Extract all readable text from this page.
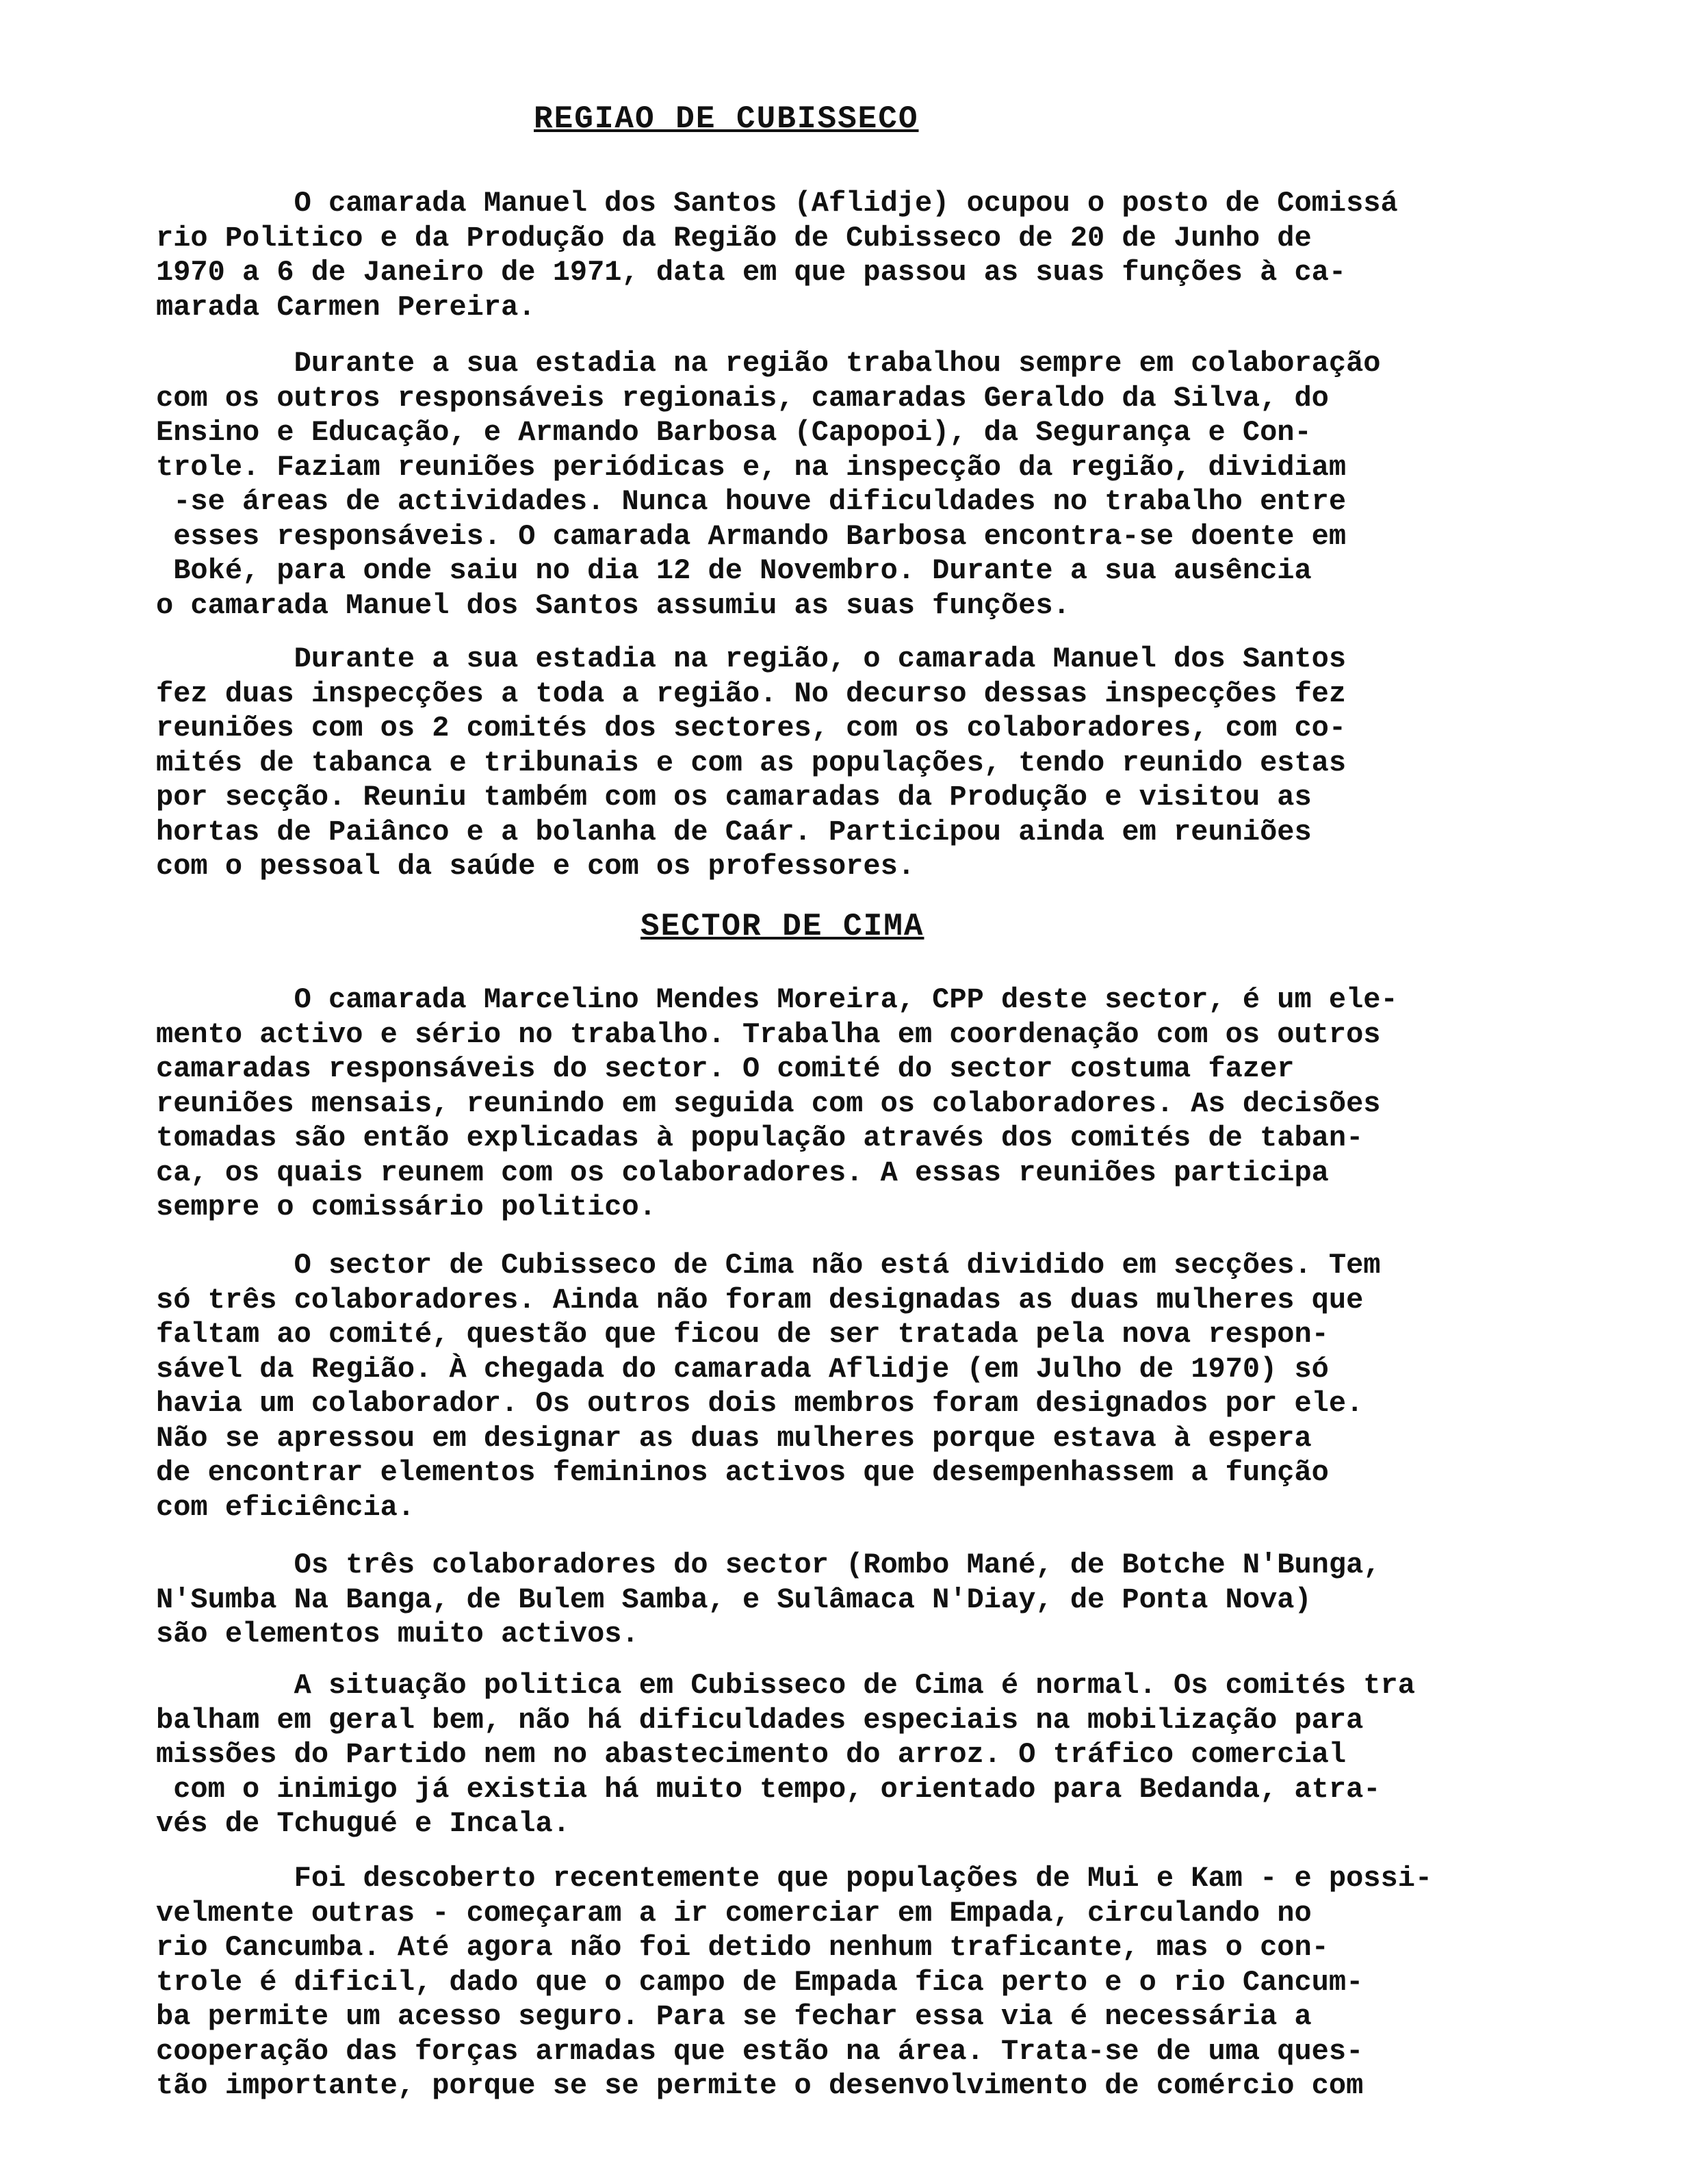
REGIAO DE CUBISSECO
O camarada Manuel dos Santos (Aflidje) ocupou o posto de Comissá
rio Politico e da Produção da Região de Cubisseco de 20 de Junho de
1970 a 6 de Janeiro de 1971, data em que passou as suas funções à ca-
marada Carmen Pereira.
Durante a sua estadia na região trabalhou sempre em colaboração
com os outros responsáveis regionais, camaradas Geraldo da Silva, do
Ensino e Educação, e Armando Barbosa (Capopoi), da Segurança e Con-
trole. Faziam reuniões periódicas e, na inspecção da região, dividiam
-se áreas de actividades. Nunca houve dificuldades no trabalho entre
esses responsáveis. O camarada Armando Barbosa encontra-se doente em
Boké, para onde saiu no dia 12 de Novembro. Durante a sua ausência
o camarada Manuel dos Santos assumiu as suas funções.
Durante a sua estadia na região, o camarada Manuel dos Santos
fez duas inspecções a toda a região. No decurso dessas inspecções fez
reuniões com os 2 comités dos sectores, com os colaboradores, com co-
mités de tabanca e tribunais e com as populações, tendo reunido estas
por secção. Reuniu também com os camaradas da Produção e visitou as
hortas de Paiânco e a bolanha de Caár. Participou ainda em reuniões
com o pessoal da saúde e com os professores.
SECTOR DE CIMA
O camarada Marcelino Mendes Moreira, CPP deste sector, é um ele-
mento activo e sério no trabalho. Trabalha em coordenação com os outros
camaradas responsáveis do sector. O comité do sector costuma fazer
reuniões mensais, reunindo em seguida com os colaboradores. As decisões
tomadas são então explicadas à população através dos comités de taban-
ca, os quais reunem com os colaboradores. A essas reuniões participa
sempre o comissário politico.
O sector de Cubisseco de Cima não está dividido em secções. Tem
só três colaboradores. Ainda não foram designadas as duas mulheres que
faltam ao comité, questão que ficou de ser tratada pela nova respon-
sável da Região. À chegada do camarada Aflidje (em Julho de 1970) só
havia um colaborador. Os outros dois membros foram designados por ele.
Não se apressou em designar as duas mulheres porque estava à espera
de encontrar elementos femininos activos que desempenhassem a função
com eficiência.
Os três colaboradores do sector (Rombo Mané, de Botche N'Bunga,
N'Sumba Na Banga, de Bulem Samba, e Sulâmaca N'Diay, de Ponta Nova)
são elementos muito activos.
A situação politica em Cubisseco de Cima é normal. Os comités tra
balham em geral bem, não há dificuldades especiais na mobilização para
missões do Partido nem no abastecimento do arroz. O tráfico comercial
com o inimigo já existia há muito tempo, orientado para Bedanda, atra-
vés de Tchugué e Incala.
Foi descoberto recentemente que populações de Mui e Kam - e possi-
velmente outras - começaram a ir comerciar em Empada, circulando no
rio Cancumba. Até agora não foi detido nenhum traficante, mas o con-
trole é dificil, dado que o campo de Empada fica perto e o rio Cancum-
ba permite um acesso seguro. Para se fechar essa via é necessária a
cooperação das forças armadas que estão na área. Trata-se de uma ques-
tão importante, porque se se permite o desenvolvimento de comércio com
